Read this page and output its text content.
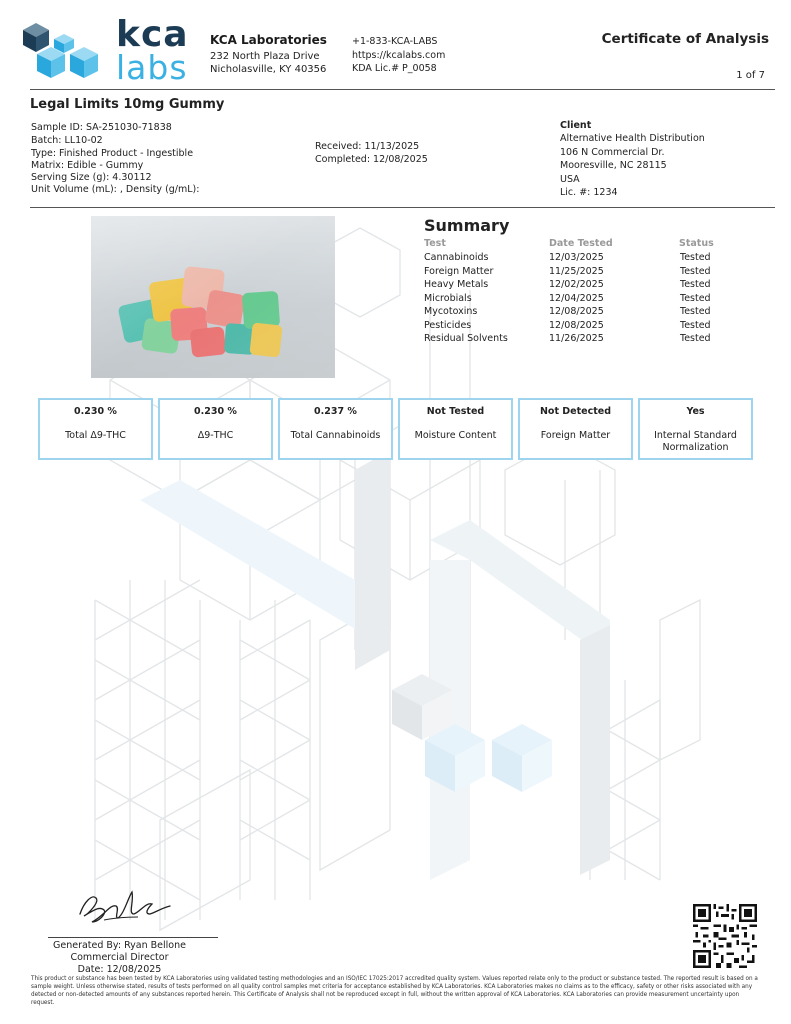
kca
labs
KCA Laboratories
232 North Plaza Drive
Nicholasville, KY 40356
+1-833-KCA-LABS
https://kcalabs.com
KDA Lic.# P_0058
Certificate of Analysis
1 of 7
Legal Limits 10mg Gummy
Sample ID: SA-251030-71838
Batch: LL10-02
Type: Finished Product - Ingestible
Matrix: Edible - Gummy
Serving Size (g): 4.30112
Unit Volume (mL): , Density (g/mL):
Received: 11/13/2025
Completed: 12/08/2025
Client
Alternative Health Distribution
106 N Commercial Dr.
Mooresville, NC 28115
USA
Lic. #: 1234
Summary
Test	Date Tested	Status
Cannabinoids	12/03/2025	Tested
Foreign Matter	11/25/2025	Tested
Heavy Metals	12/02/2025	Tested
Microbials	12/04/2025	Tested
Mycotoxins	12/08/2025	Tested
Pesticides	12/08/2025	Tested
Residual Solvents	11/26/2025	Tested
0.230 %
Total Δ9-THC
0.230 %
Δ9-THC
0.237 %
Total Cannabinoids
Not Tested
Moisture Content
Not Detected
Foreign Matter
Yes
Internal Standard Normalization
Generated By: Ryan Bellone
Commercial Director
Date: 12/08/2025
This product or substance has been tested by KCA Laboratories using validated testing methodologies and an ISO/IEC 17025:2017 accredited quality system. Values reported relate only to the product or substance tested. The reported result is based on a sample weight. Unless otherwise stated, results of tests performed on all quality control samples met criteria for acceptance established by KCA Laboratories. KCA Laboratories makes no claims as to the efficacy, safety or other risks associated with any detected or non-detected amounts of any substances reported herein. This Certificate of Analysis shall not be reproduced except in full, without the written approval of KCA Laboratories. KCA Laboratories can provide measurement uncertainty upon request.
